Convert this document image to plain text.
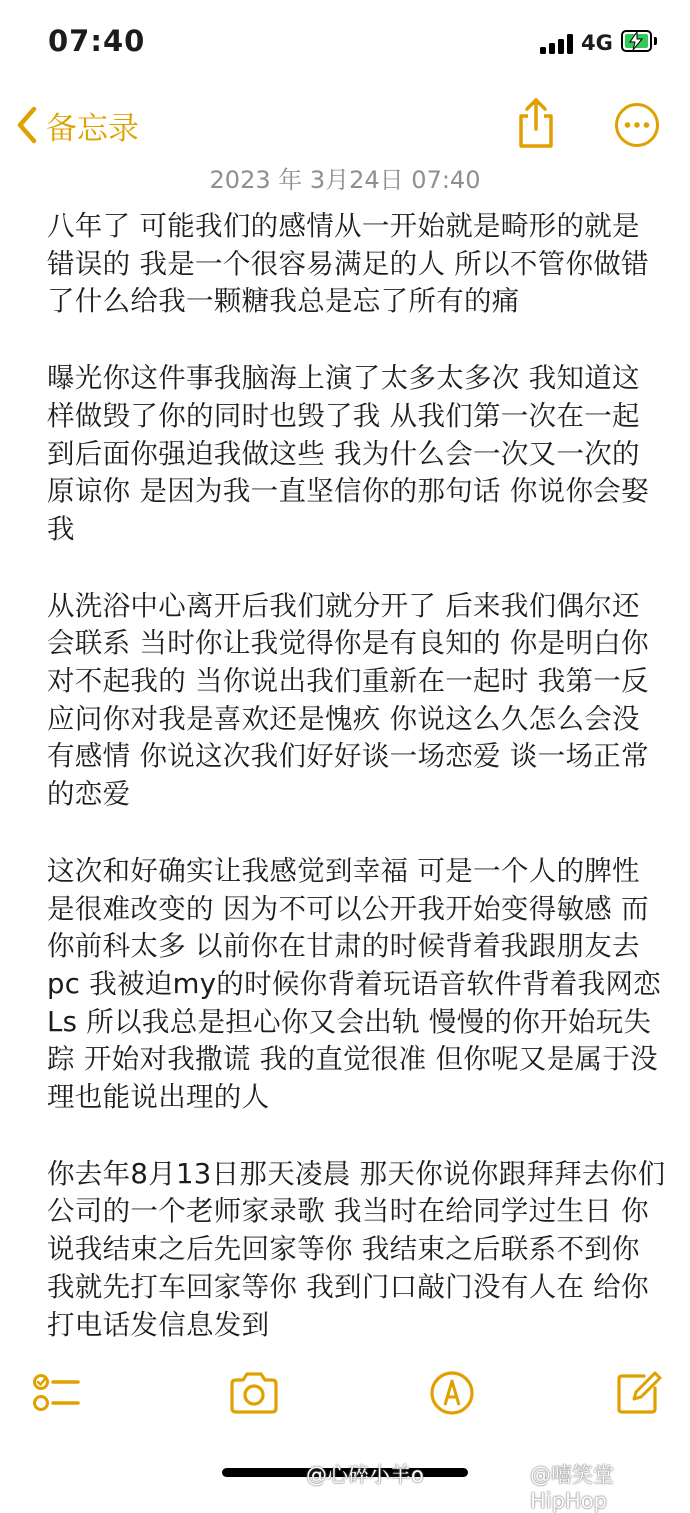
07:40	4G
备忘录
2023 年 3月24日 07:40

八年了 可能我们的感情从一开始就是畸形的就是错误的 我是一个很容易满足的人 所以不管你做错了什么给我一颗糖我总是忘了所有的痛

曝光你这件事我脑海上演了太多太多次 我知道这样做毁了你的同时也毁了我 从我们第一次在一起到后面你强迫我做这些 我为什么会一次又一次的原谅你 是因为我一直坚信你的那句话 你说你会娶我

从洗浴中心离开后我们就分开了 后来我们偶尔还会联系 当时你让我觉得你是有良知的 你是明白你对不起我的 当你说出我们重新在一起时 我第一反应问你对我是喜欢还是愧疚 你说这么久怎么会没有感情 你说这次我们好好谈一场恋爱 谈一场正常的恋爱

这次和好确实让我感觉到幸福 可是一个人的脾性是很难改变的 因为不可以公开我开始变得敏感 而你前科太多 以前你在甘肃的时候背着我跟朋友去pc 我被迫my的时候你背着玩语音软件背着我网恋Ls 所以我总是担心你又会出轨 慢慢的你开始玩失踪 开始对我撒谎 我的直觉很准 但你呢又是属于没理也能说出理的人

你去年8月13日那天凌晨 那天你说你跟拜拜去你们公司的一个老师家录歌 我当时在给同学过生日 你说我结束之后先回家等你 我结束之后联系不到你 我就先打车回家等你 我到门口敲门没有人在 给你打电话发信息发到

@心碎小羊o	@嘻笑堂HipHop
